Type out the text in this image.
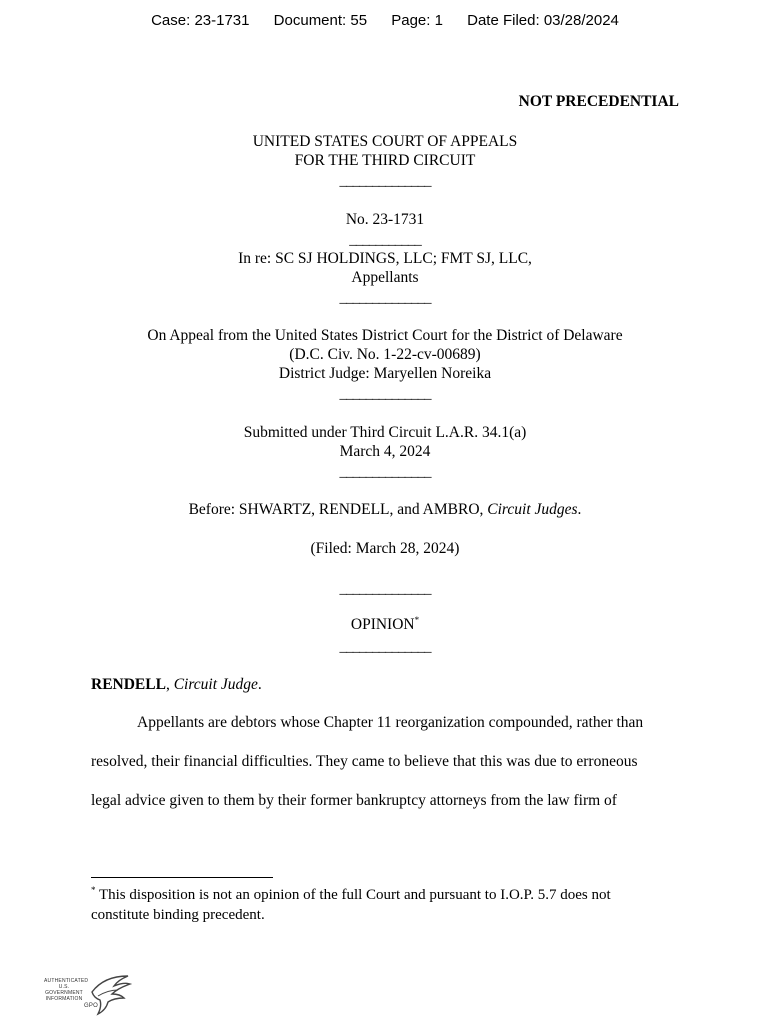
Case: 23-1731 Document: 55 Page: 1 Date Filed: 03/28/2024
NOT PRECEDENTIAL
UNITED STATES COURT OF APPEALS
FOR THE THIRD CIRCUIT
______________
No. 23-1731
___________
In re: SC SJ HOLDINGS, LLC; FMT SJ, LLC,
Appellants
______________
On Appeal from the United States District Court for the District of Delaware
(D.C. Civ. No. 1-22-cv-00689)
District Judge: Maryellen Noreika
______________
Submitted under Third Circuit L.A.R. 34.1(a)
March 4, 2024
______________
Before: SHWARTZ, RENDELL, and AMBRO, Circuit Judges.
(Filed: March 28, 2024)
______________
OPINION*
______________
RENDELL, Circuit Judge.
Appellants are debtors whose Chapter 11 reorganization compounded, rather than
resolved, their financial difficulties. They came to believe that this was due to erroneous
legal advice given to them by their former bankruptcy attorneys from the law firm of
* This disposition is not an opinion of the full Court and pursuant to I.O.P. 5.7 does not
constitute binding precedent.
AUTHENTICATED
U.S. GOVERNMENT
INFORMATION
GPO
